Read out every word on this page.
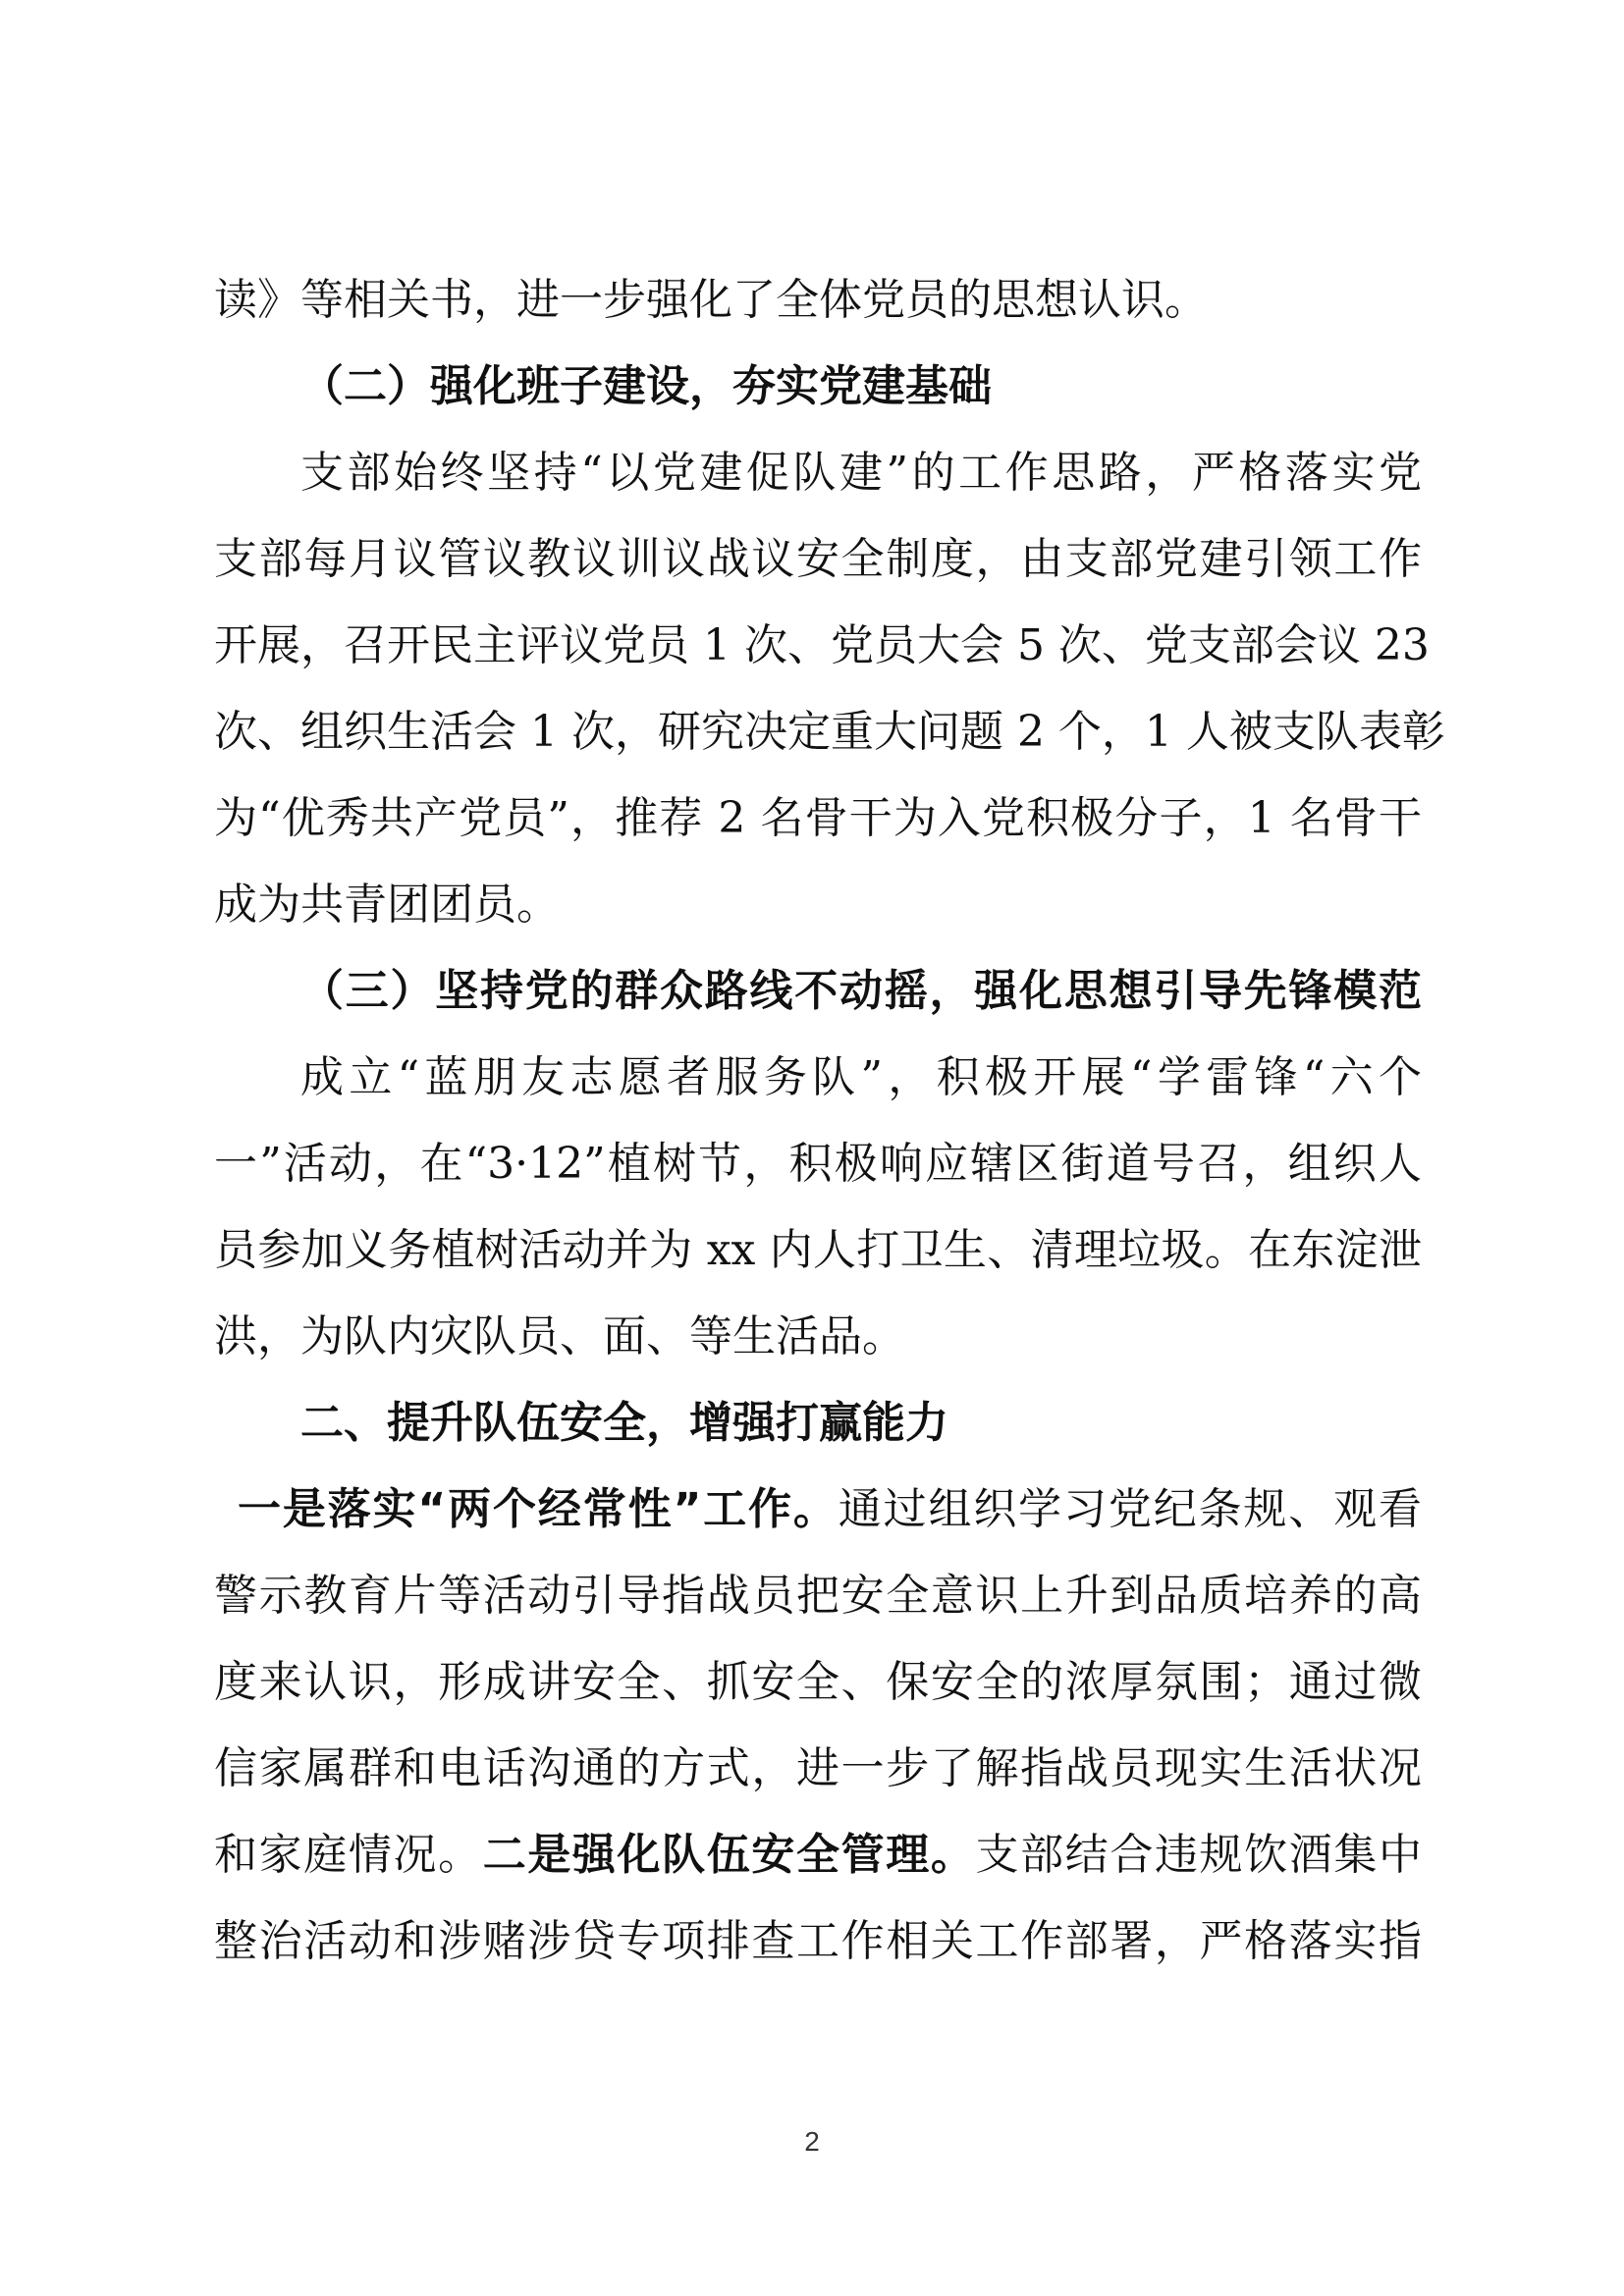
读》等相关书，进一步强化了全体党员的思想认识。
（二）强化班子建设，夯实党建基础
支部始终坚持“以党建促队建”的工作思路，严格落实党
支部每月议管议教议训议战议安全制度，由支部党建引领工作
开展，召开民主评议党员 1 次、党员大会 5 次、党支部会议 23
次、组织生活会 1 次，研究决定重大问题 2 个，1 人被支队表彰
为“优秀共产党员”，推荐 2 名骨干为入党积极分子，1 名骨干
成为共青团团员。
（三）坚持党的群众路线不动摇，强化思想引导先锋模范
成立“蓝朋友志愿者服务队”，积极开展“学雷锋“六个
一”活动，在“3·12”植树节，积极响应辖区街道号召，组织人
员参加义务植树活动并为 xx 内人打卫生、清理垃圾。在东淀泄
洪，为队内灾队员、面、等生活品。
二、提升队伍安全，增强打赢能力
一是落实“两个经常性”工作。通过组织学习党纪条规、观看
警示教育片等活动引导指战员把安全意识上升到品质培养的高
度来认识，形成讲安全、抓安全、保安全的浓厚氛围；通过微
信家属群和电话沟通的方式，进一步了解指战员现实生活状况
和家庭情况。二是强化队伍安全管理。支部结合违规饮酒集中
整治活动和涉赌涉贷专项排查工作相关工作部署，严格落实指
2
